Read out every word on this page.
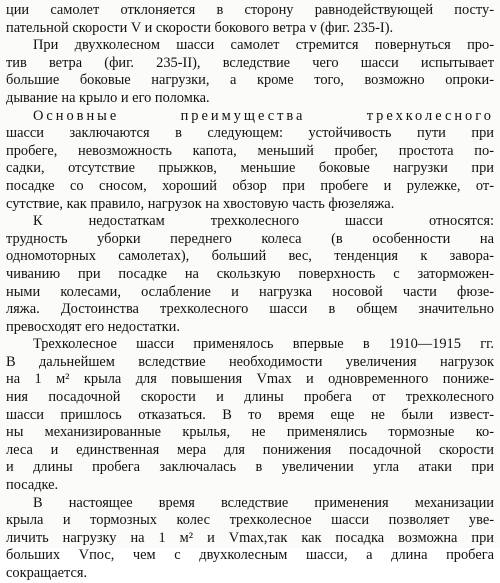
ции самолет отклоняется в сторону равнодействующей посту-
пательной скорости V и скорости бокового ветра v (фиг. 235-I).
При двухколесном шасси самолет стремится повернуться про-
тив ветра (фиг. 235-II), вследствие чего шасси испытывает
большие боковые нагрузки, а кроме того, возможно опроки-
дывание на крыло и его поломка.
Основные преимущества трехколесного
шасси заключаются в следующем: устойчивость пути при
пробеге, невозможность капота, меньший пробег, простота по-
садки, отсутствие прыжков, меньшие боковые нагрузки при
посадке со сносом, хороший обзор при пробеге и рулежке, от-
сутствие, как правило, нагрузок на хвостовую часть фюзеляжа.
К недостаткам трехколесного шасси относятся:
трудность уборки переднего колеса (в особенности на
одномоторных самолетах), больший вес, тенденция к завора-
чиванию при посадке на скользкую поверхность с заторможен-
ными колесами, ослабление и нагрузка носовой части фюзе-
ляжа. Достоинства трехколесного шасси в общем значительно
превосходят его недостатки.
Трехколесное шасси применялось впервые в 1910—1915 гг.
В дальнейшем вследствие необходимости увеличения нагрузок
на 1 м² крыла для повышения Vmax и одновременного пониже-
ния посадочной скорости и длины пробега от трехколесного
шасси пришлось отказаться. В то время еще не были извест-
ны механизированные крылья, не применялись тормозные ко-
леса и единственная мера для понижения посадочной скорости
и длины пробега заключалась в увеличении угла атаки при
посадке.
В настоящее время вследствие применения механизации
крыла и тормозных колес трехколесное шасси позволяет уве-
личить нагрузку на 1 м² и Vmax,так как посадка возможна при
больших Vпос, чем с двухколесным шасси, а длина пробега
сокращается.
